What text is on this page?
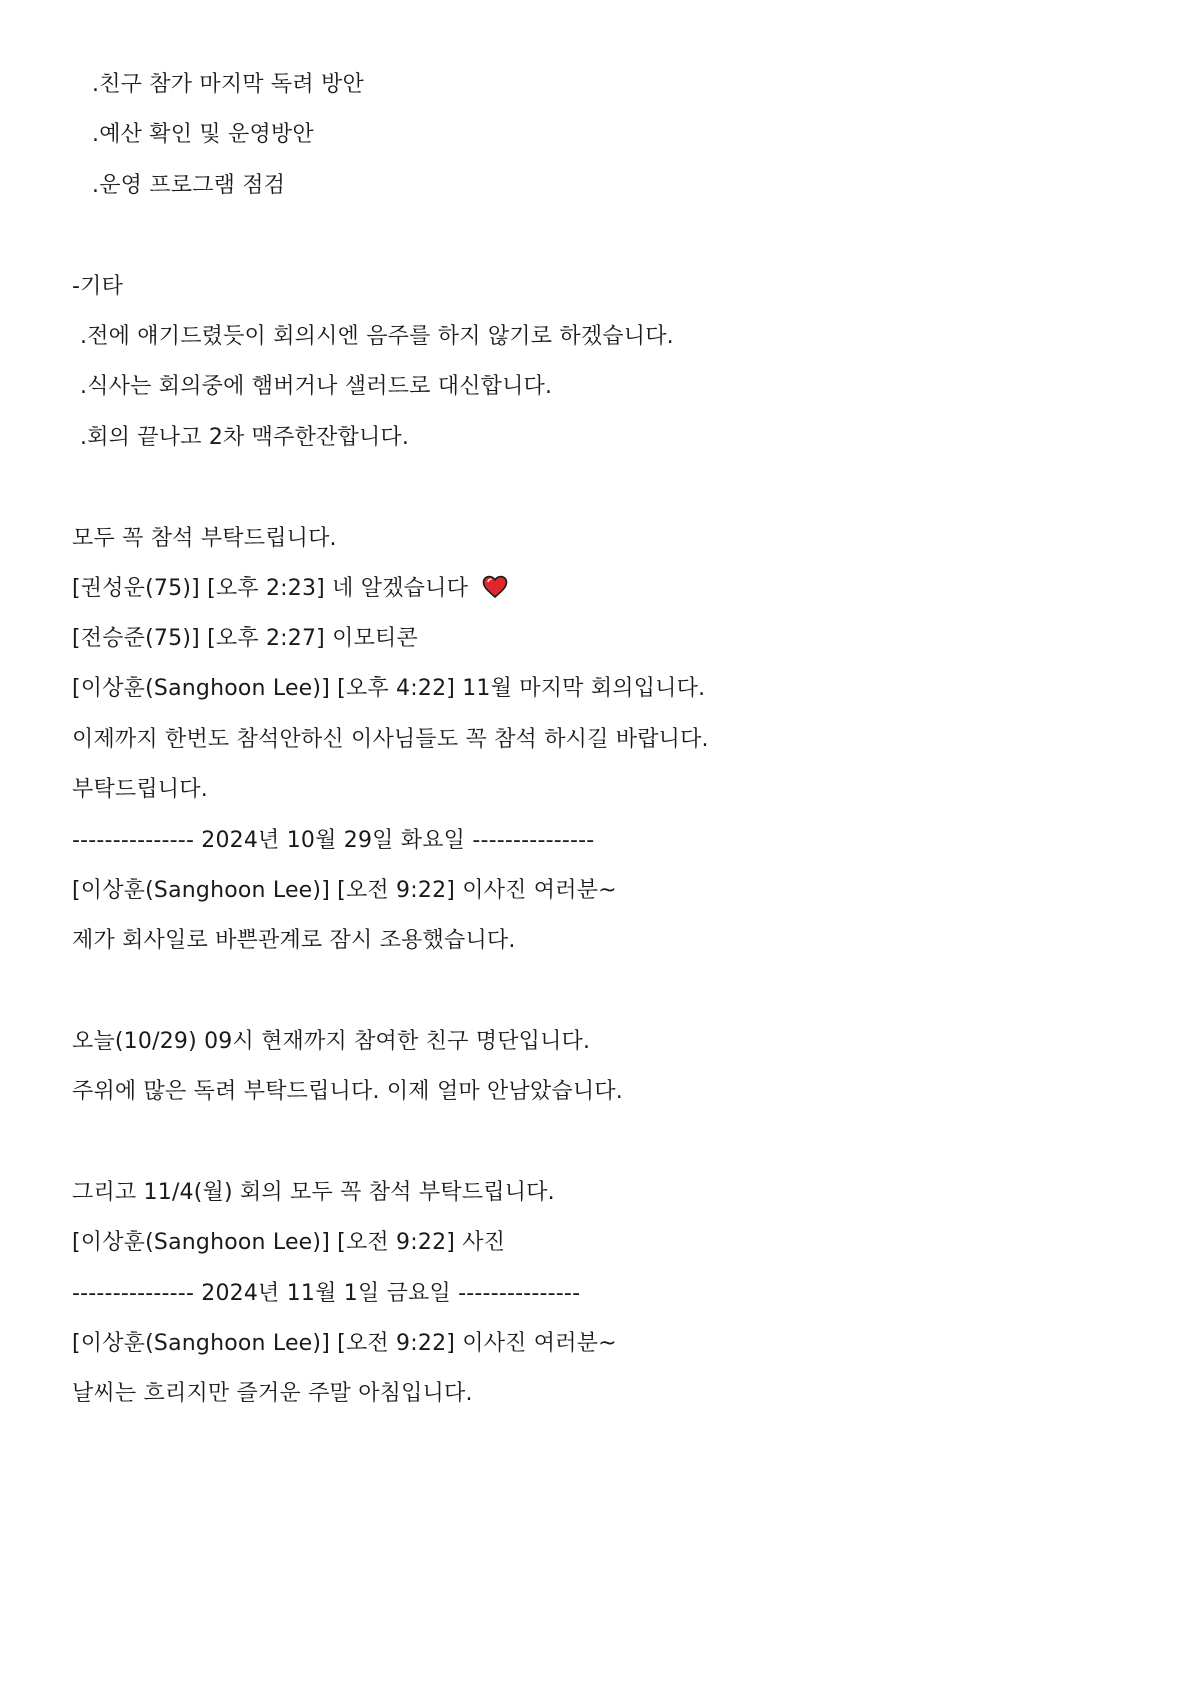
.친구 참가 마지막 독려 방안
.예산 확인 및 운영방안
.운영 프로그램 점검
-기타
.전에 얘기드렸듯이 회의시엔 음주를 하지 않기로 하겠습니다.
.식사는 회의중에 햄버거나 샐러드로 대신합니다.
.회의 끝나고 2차 맥주한잔합니다.
모두 꼭 참석 부탁드립니다.
[권성운(75)] [오후 2:23] 네 알겠습니다
[전승준(75)] [오후 2:27] 이모티콘
[이상훈(Sanghoon Lee)] [오후 4:22] 11월 마지막 회의입니다.
이제까지 한번도 참석안하신 이사님들도 꼭 참석 하시길 바랍니다.
부탁드립니다.
--------------- 2024년 10월 29일 화요일 ---------------
[이상훈(Sanghoon Lee)] [오전 9:22] 이사진 여러분~
제가 회사일로 바쁜관계로 잠시 조용했습니다.
오늘(10/29) 09시 현재까지 참여한 친구 명단입니다.
주위에 많은 독려 부탁드립니다. 이제 얼마 안남았습니다.
그리고 11/4(월) 회의 모두 꼭 참석 부탁드립니다.
[이상훈(Sanghoon Lee)] [오전 9:22] 사진
--------------- 2024년 11월 1일 금요일 ---------------
[이상훈(Sanghoon Lee)] [오전 9:22] 이사진 여러분~
날씨는 흐리지만 즐거운 주말 아침입니다.
